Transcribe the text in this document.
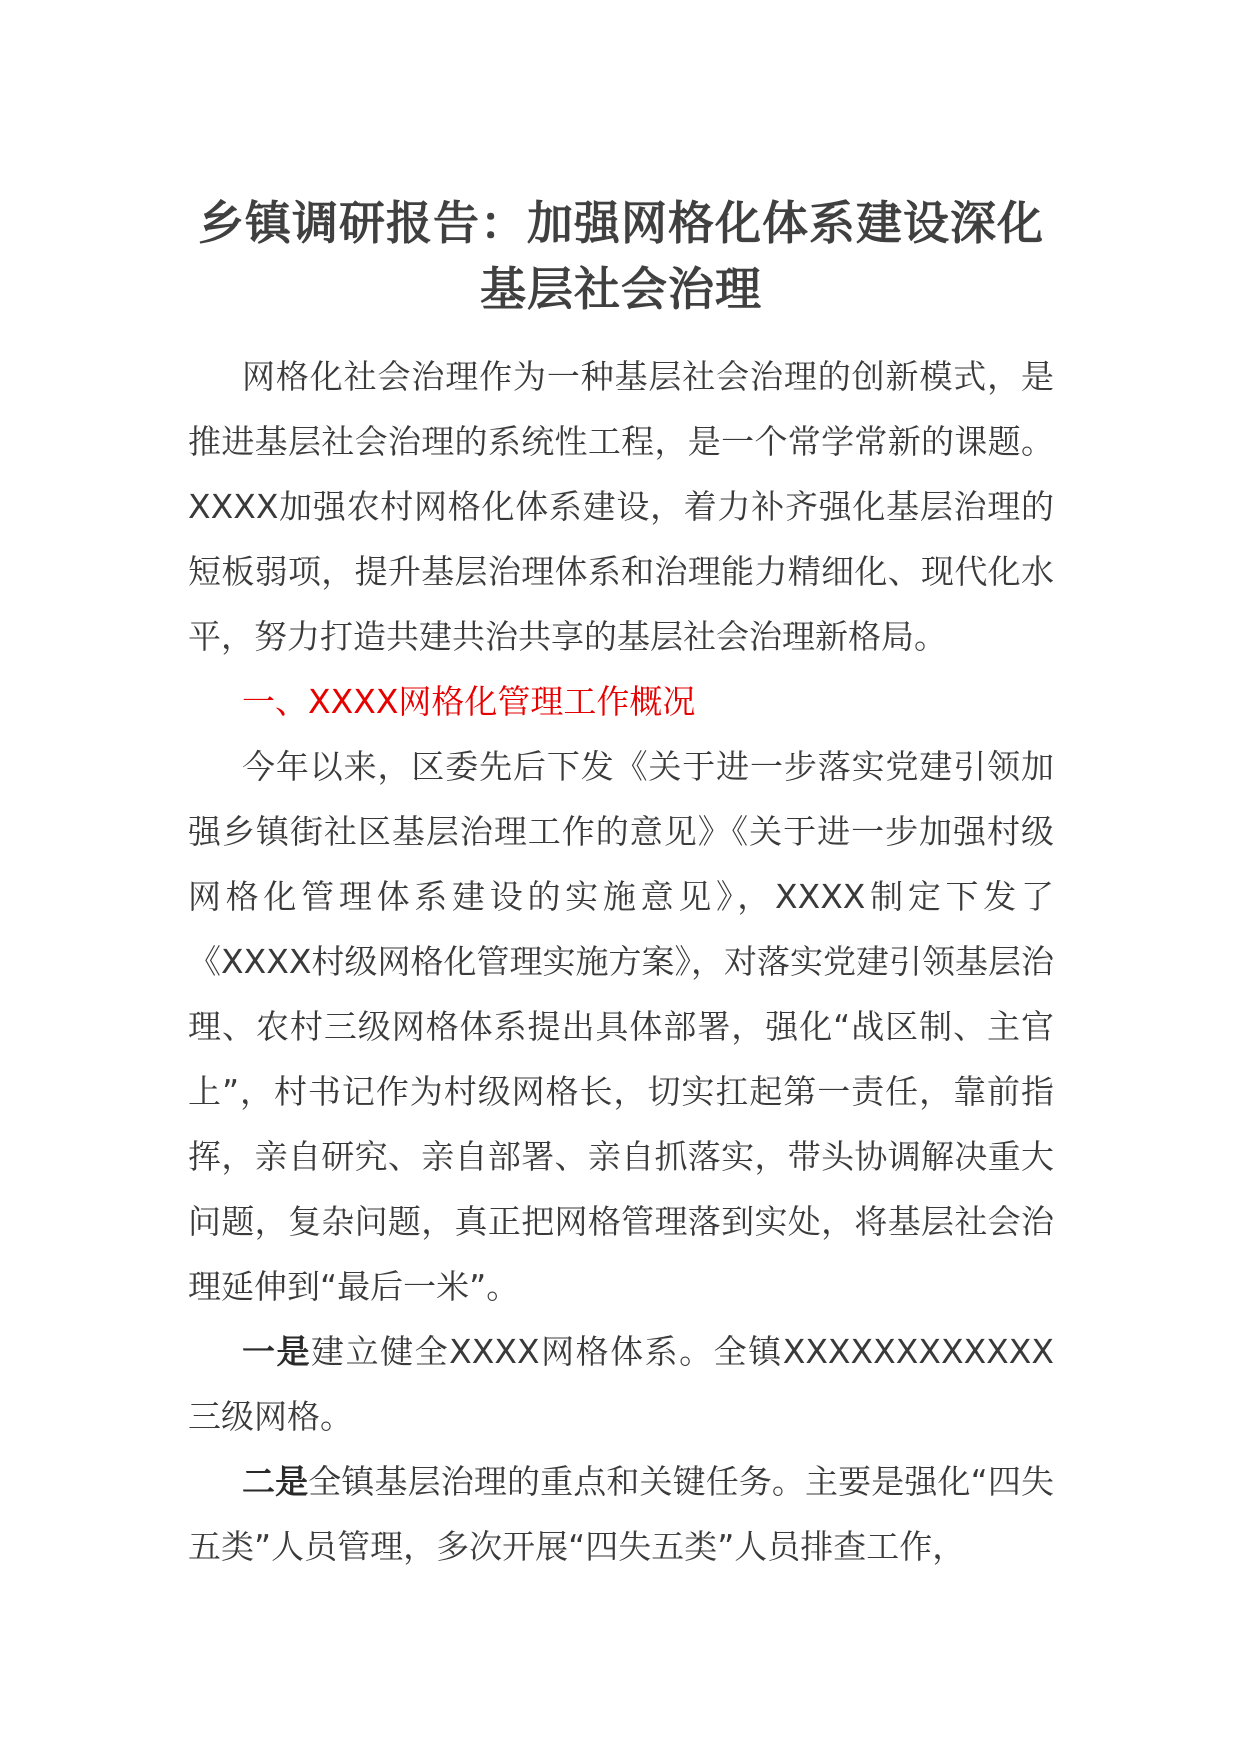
乡镇调研报告：加强网格化体系建设深化
基层社会治理

网格化社会治理作为一种基层社会治理的创新模式，是推进基层社会治理的系统性工程，是一个常学常新的课题。XXXX加强农村网格化体系建设，着力补齐强化基层治理的短板弱项，提升基层治理体系和治理能力精细化、现代化水平，努力打造共建共治共享的基层社会治理新格局。

一、XXXX网格化管理工作概况

今年以来，区委先后下发《关于进一步落实党建引领加强乡镇街社区基层治理工作的意见》《关于进一步加强村级网格化管理体系建设的实施意见》，XXXX制定下发了《XXXX村级网格化管理实施方案》，对落实党建引领基层治理、农村三级网格体系提出具体部署，强化“战区制、主官上”，村书记作为村级网格长，切实扛起第一责任，靠前指挥，亲自研究、亲自部署、亲自抓落实，带头协调解决重大问题，复杂问题，真正把网格管理落到实处，将基层社会治理延伸到“最后一米”。

一是建立健全XXXX网格体系。全镇XXXXXXXXXXXX三级网格。

二是全镇基层治理的重点和关键任务。主要是强化“四失五类”人员管理，多次开展“四失五类”人员排查工作，
